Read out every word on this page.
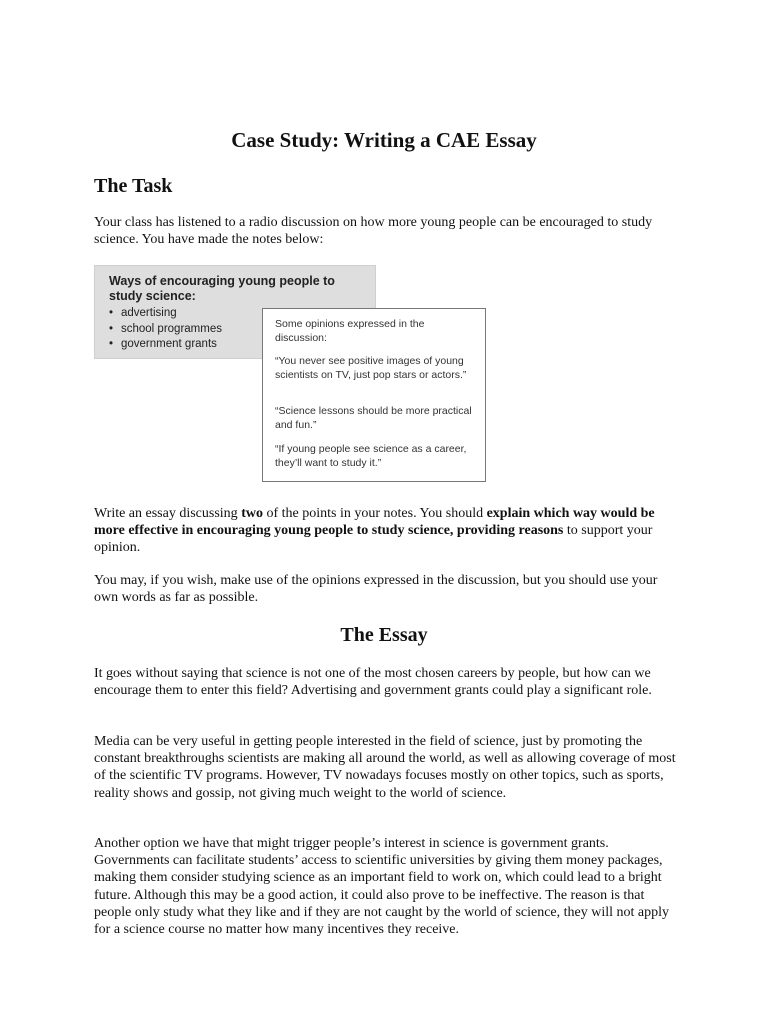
Case Study: Writing a CAE Essay
The Task

Your class has listened to a radio discussion on how more young people can be encouraged to study science. You have made the notes below:

Ways of encouraging young people to study science:
• advertising
• school programmes
• government grants

Some opinions expressed in the discussion:

“You never see positive images of young scientists on TV, just pop stars or actors.”

“Science lessons should be more practical and fun.”

“If young people see science as a career, they’ll want to study it.”

Write an essay discussing two of the points in your notes. You should explain which way would be more effective in encouraging young people to study science, providing reasons to support your opinion.

You may, if you wish, make use of the opinions expressed in the discussion, but you should use your own words as far as possible.

The Essay

It goes without saying that science is not one of the most chosen careers by people, but how can we encourage them to enter this field? Advertising and government grants could play a significant role.

Media can be very useful in getting people interested in the field of science, just by promoting the constant breakthroughs scientists are making all around the world, as well as allowing coverage of most of the scientific TV programs. However, TV nowadays focuses mostly on other topics, such as sports, reality shows and gossip, not giving much weight to the world of science.

Another option we have that might trigger people’s interest in science is government grants. Governments can facilitate students’ access to scientific universities by giving them money packages, making them consider studying science as an important field to work on, which could lead to a bright future. Although this may be a good action, it could also prove to be ineffective. The reason is that people only study what they like and if they are not caught by the world of science, they will not apply for a science course no matter how many incentives they receive.
